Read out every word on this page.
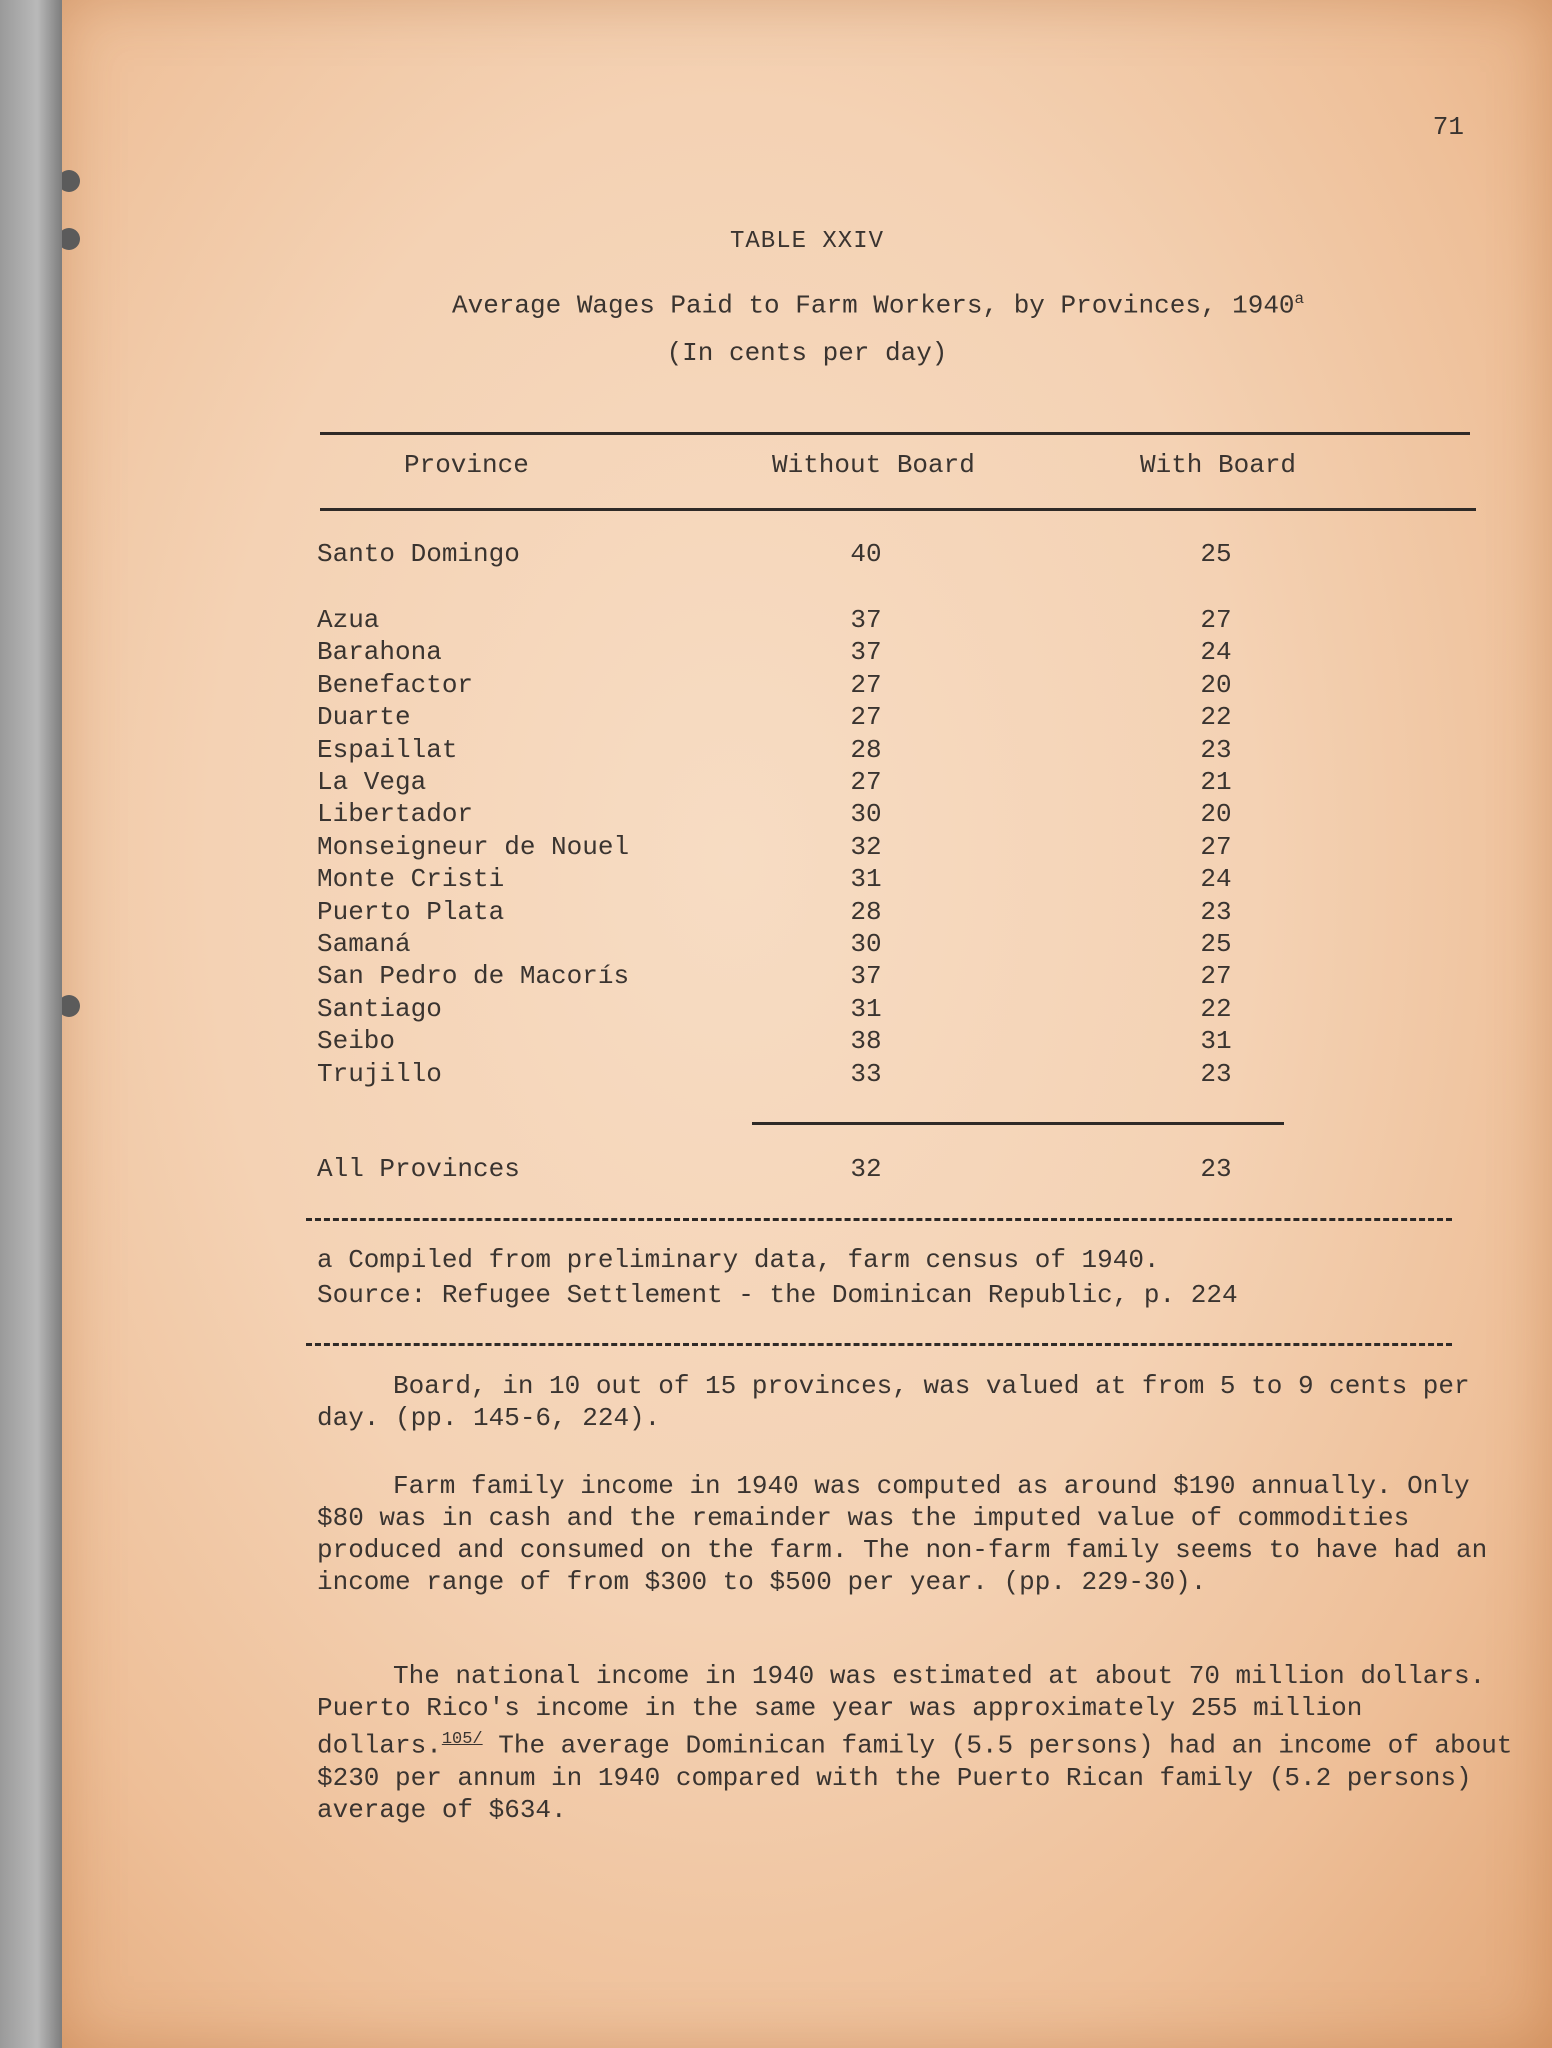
71
TABLE XXIV
Average Wages Paid to Farm Workers, by Provinces, 1940$^a$
(In cents per day)
Province	Without Board	With Board
Santo Domingo	40	25
Azua	37	27
Barahona	37	24
Benefactor	27	20
Duarte	27	22
Espaillat	28	23
La Vega	27	21
Libertador	30	20
Monseigneur de Nouel	32	27
Monte Cristi	31	24
Puerto Plata	28	23
Samaná	30	25
San Pedro de Macorís	37	27
Santiago	31	22
Seibo	38	31
Trujillo	33	23
All Provinces	32	23
a Compiled from preliminary data, farm census of 1940.
Source: Refugee Settlement - the Dominican Republic, p. 224

Board, in 10 out of 15 provinces, was valued at from 5 to 9 cents per day. (pp. 145-6, 224).

Farm family income in 1940 was computed as around $190 annually. Only $80 was in cash and the remainder was the imputed value of commodities produced and consumed on the farm. The non-farm family seems to have had an income range of from $300 to $500 per year. (pp. 229-30).

The national income in 1940 was estimated at about 70 million dollars. Puerto Rico's income in the same year was approximately 255 million dollars.$^{105/}$ The average Dominican family (5.5 persons) had an income of about $230 per annum in 1940 compared with the Puerto Rican family (5.2 persons) average of $634.
